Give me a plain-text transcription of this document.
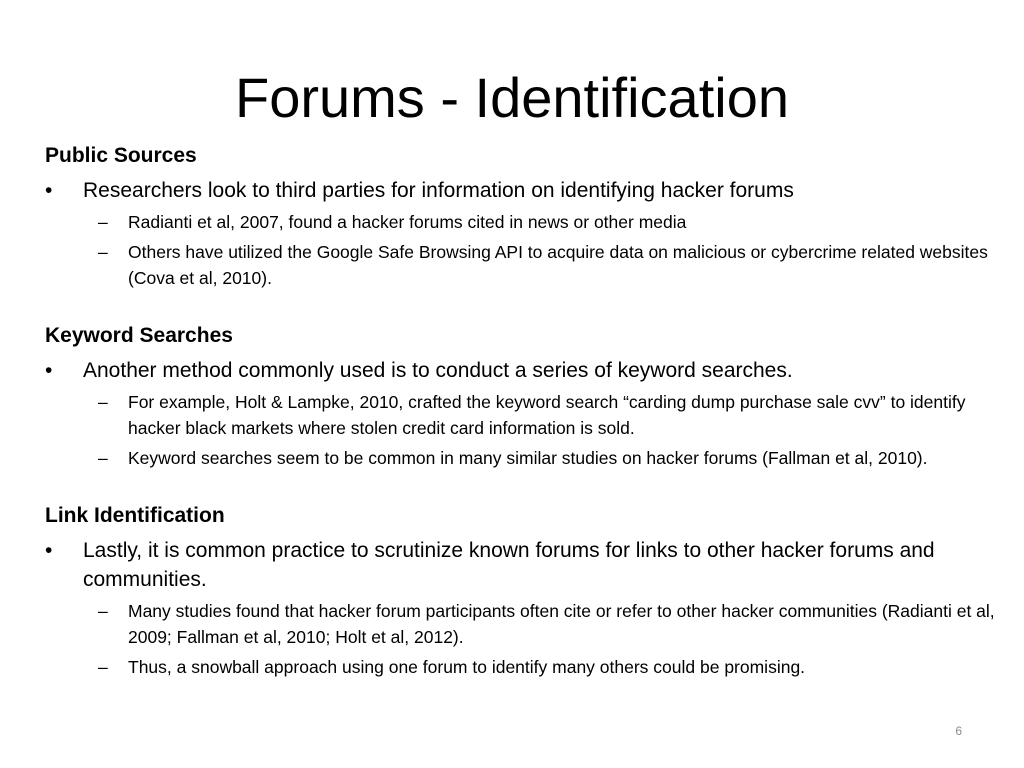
Forums - Identification
Public Sources
• Researchers look to third parties for information on identifying hacker forums
– Radianti et al, 2007, found a hacker forums cited in news or other media
– Others have utilized the Google Safe Browsing API to acquire data on malicious or cybercrime related websites (Cova et al, 2010).
Keyword Searches
• Another method commonly used is to conduct a series of keyword searches.
– For example, Holt & Lampke, 2010, crafted the keyword search “carding dump purchase sale cvv” to identify hacker black markets where stolen credit card information is sold.
– Keyword searches seem to be common in many similar studies on hacker forums (Fallman et al, 2010).
Link Identification
• Lastly, it is common practice to scrutinize known forums for links to other hacker forums and communities.
– Many studies found that hacker forum participants often cite or refer to other hacker communities (Radianti et al, 2009; Fallman et al, 2010; Holt et al, 2012).
– Thus, a snowball approach using one forum to identify many others could be promising.
6
